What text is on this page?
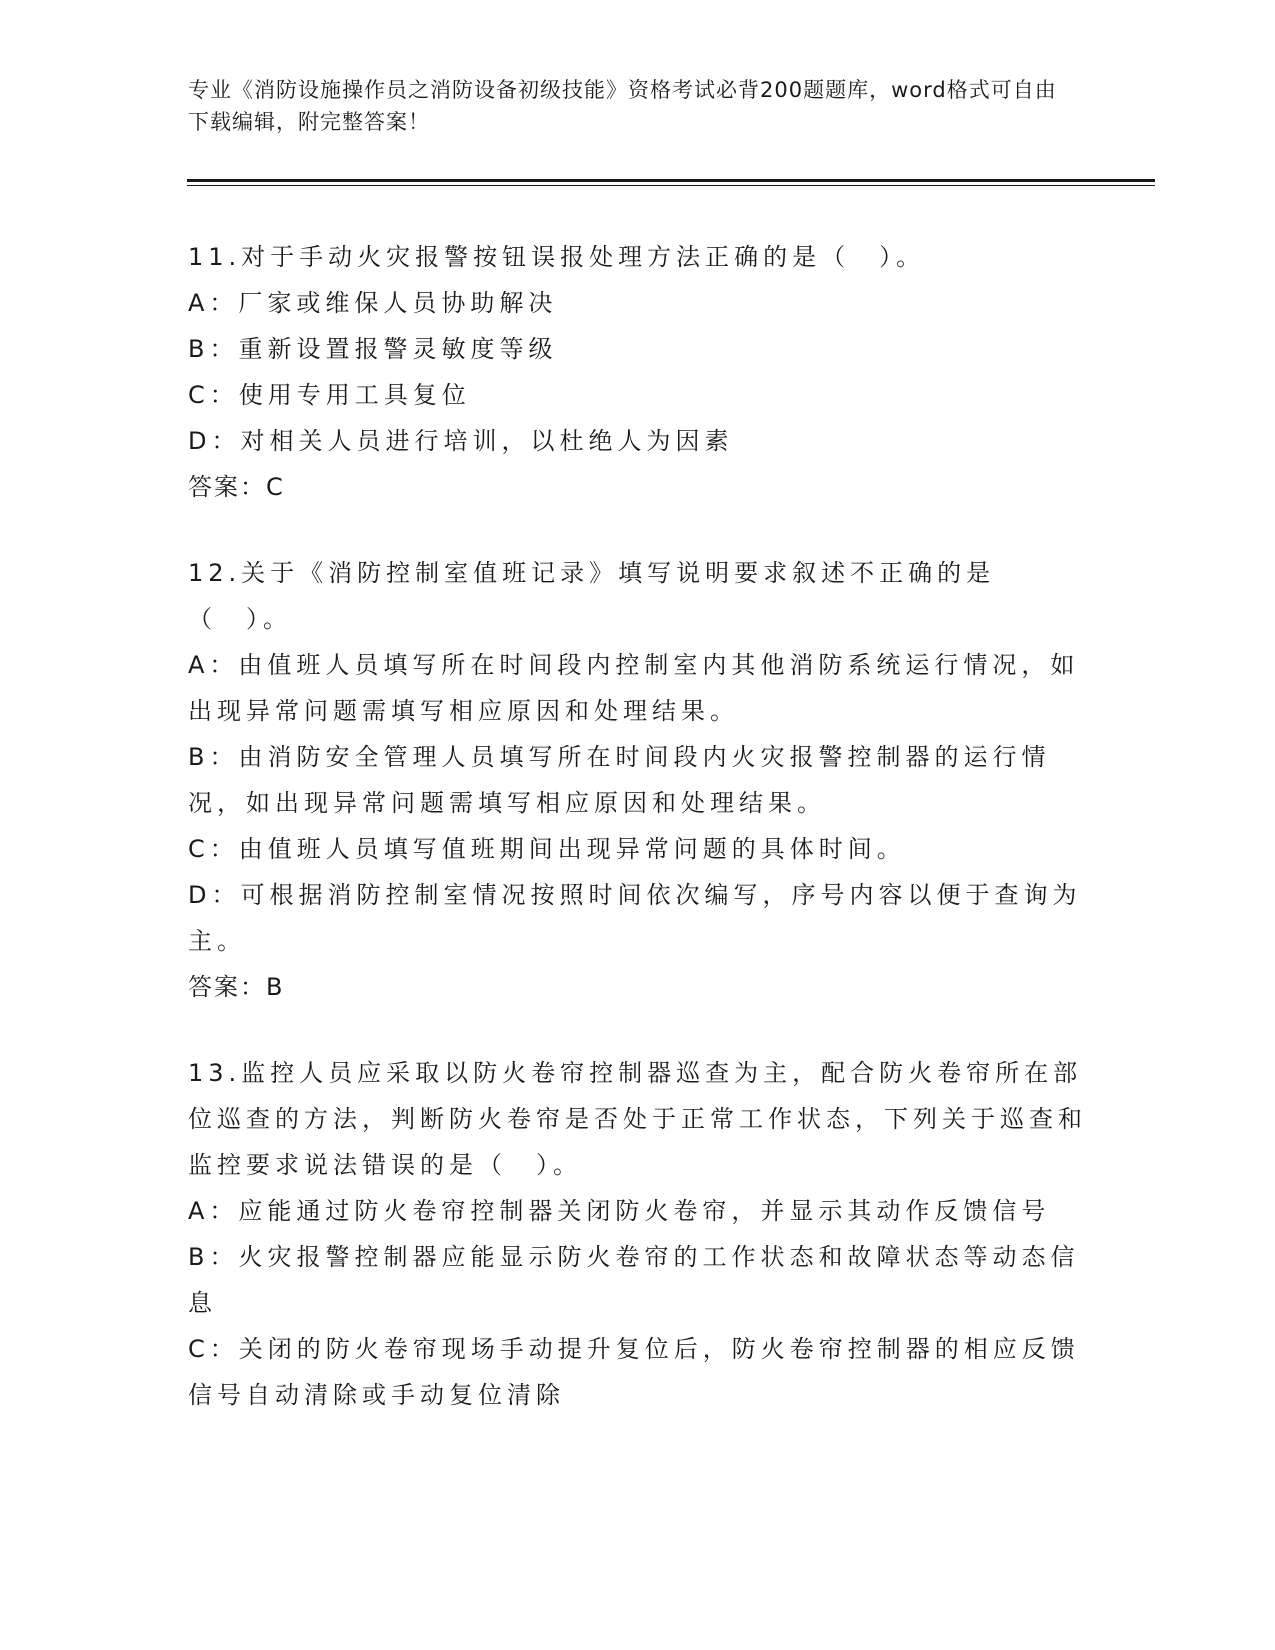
专业《消防设施操作员之消防设备初级技能》资格考试必背200题题库，word格式可自由下载编辑，附完整答案！

11.对于手动火灾报警按钮误报处理方法正确的是（　）。

A：厂家或维保人员协助解决

B：重新设置报警灵敏度等级

C：使用专用工具复位

D：对相关人员进行培训，以杜绝人为因素

答案：C

12.关于《消防控制室值班记录》填写说明要求叙述不正确的是（　）。

A：由值班人员填写所在时间段内控制室内其他消防系统运行情况，如出现异常问题需填写相应原因和处理结果。

B：由消防安全管理人员填写所在时间段内火灾报警控制器的运行情况，如出现异常问题需填写相应原因和处理结果。

C：由值班人员填写值班期间出现异常问题的具体时间。

D：可根据消防控制室情况按照时间依次编写，序号内容以便于查询为主。

答案：B

13.监控人员应采取以防火卷帘控制器巡查为主，配合防火卷帘所在部位巡查的方法，判断防火卷帘是否处于正常工作状态，下列关于巡查和监控要求说法错误的是（　）。

A：应能通过防火卷帘控制器关闭防火卷帘，并显示其动作反馈信号

B：火灾报警控制器应能显示防火卷帘的工作状态和故障状态等动态信息

C：关闭的防火卷帘现场手动提升复位后，防火卷帘控制器的相应反馈信号自动清除或手动复位清除
